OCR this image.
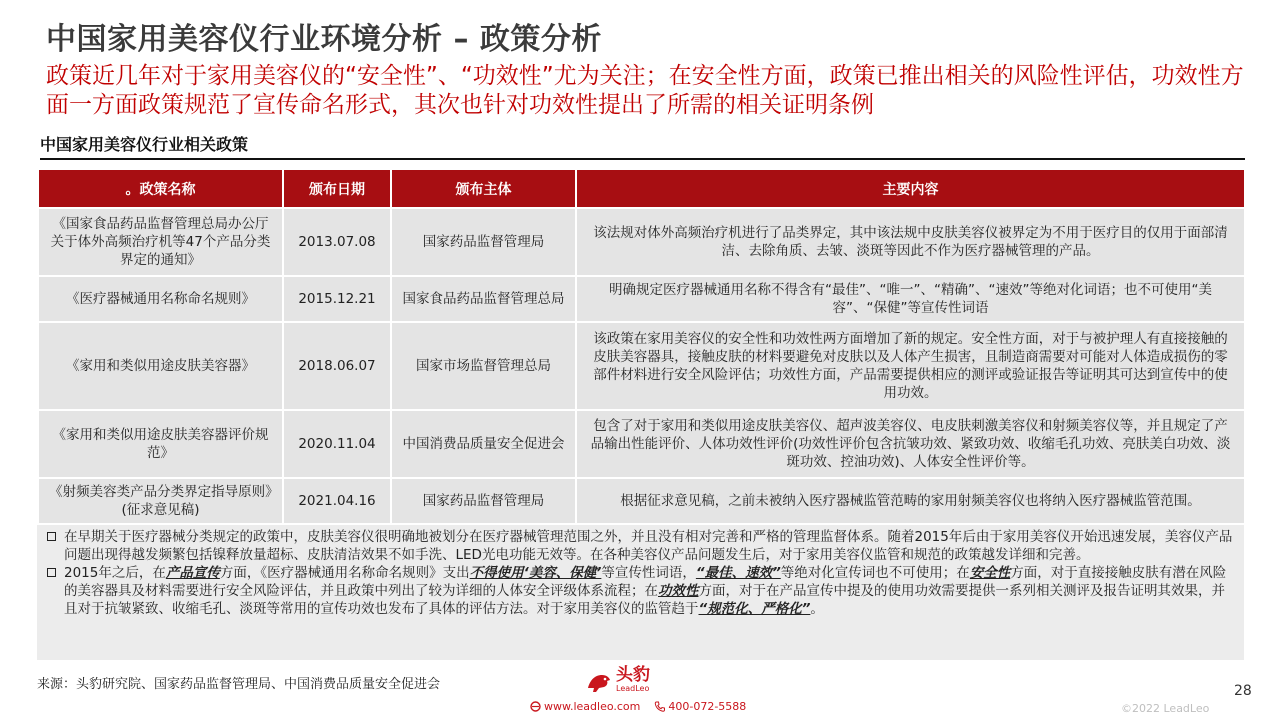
中国家用美容仪行业环境分析 – 政策分析

政策近几年对于家用美容仪的“安全性”、“功效性”尤为关注；在安全性方面，政策已推出相关的风险性评估，功效性方面一方面政策规范了宣传命名形式，其次也针对功效性提出了所需的相关证明条例

中国家用美容仪行业相关政策
。政策名称	颁布日期	颁布主体	主要内容
《国家食品药品监督管理总局办公厅关于体外高频治疗机等47个产品分类界定的通知》	2013.07.08	国家药品监督管理局	该法规对体外高频治疗机进行了品类界定，其中该法规中皮肤美容仪被界定为不用于医疗目的仅用于面部清洁、去除角质、去皱、淡斑等因此不作为医疗器械管理的产品。
《医疗器械通用名称命名规则》	2015.12.21	国家食品药品监督管理总局	明确规定医疗器械通用名称不得含有“最佳”、“唯一”、“精确”、“速效”等绝对化词语；也不可使用“美容”、“保健”等宣传性词语
《家用和类似用途皮肤美容器》	2018.06.07	国家市场监督管理总局	该政策在家用美容仪的安全性和功效性两方面增加了新的规定。安全性方面，对于与被护理人有直接接触的皮肤美容器具，接触皮肤的材料要避免对皮肤以及人体产生损害，且制造商需要对可能对人体造成损伤的零部件材料进行安全风险评估；功效性方面，产品需要提供相应的测评或验证报告等证明其可达到宣传中的使用功效。
《家用和类似用途皮肤美容器评价规范》	2020.11.04	中国消费品质量安全促进会	包含了对于家用和类似用途皮肤美容仪、超声波美容仪、电皮肤刺激美容仪和射频美容仪等，并且规定了产品输出性能评价、人体功效性评价(功效性评价包含抗皱功效、紧致功效、收缩毛孔功效、亮肤美白功效、淡斑功效、控油功效)、人体安全性评价等。
《射频美容类产品分类界定指导原则》(征求意见稿)	2021.04.16	国家药品监督管理局	根据征求意见稿，之前未被纳入医疗器械监管范畴的家用射频美容仪也将纳入医疗器械监管范围。

在早期关于医疗器械分类规定的政策中，皮肤美容仪很明确地被划分在医疗器械管理范围之外，并且没有相对完善和严格的管理监督体系。随着2015年后由于家用美容仪开始迅速发展，美容仪产品问题出现得越发频繁包括镍释放量超标、皮肤清洁效果不如手洗、LED光电功能无效等。在各种美容仪产品问题发生后，对于家用美容仪监管和规范的政策越发详细和完善。

2015年之后，在产品宣传方面，《医疗器械通用名称命名规则》支出不得使用‘美容、保健’等宣传性词语，“最佳、速效”等绝对化宣传词也不可使用；在安全性方面，对于直接接触皮肤有潜在风险的美容器具及材料需要进行安全风险评估，并且政策中列出了较为详细的人体安全评级体系流程；在功效性方面，对于在产品宣传中提及的使用功效需要提供一系列相关测评及报告证明其效果，并且对于抗皱紧致、收缩毛孔、淡斑等常用的宣传功效也发布了具体的评估方法。对于家用美容仪的监管趋于“规范化、严格化”。

来源：头豹研究院、国家药品监督管理局、中国消费品质量安全促进会	头豹
LeadLeo
www.leadleo.com	400-072-5588
28
©2022 LeadLeo
